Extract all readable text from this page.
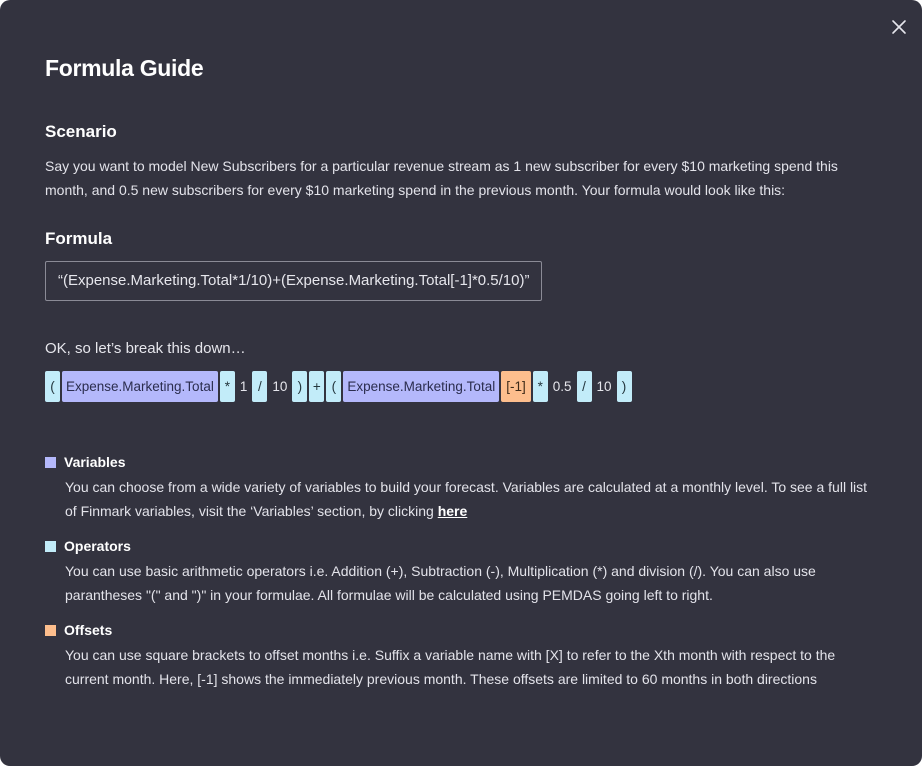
Formula Guide
Scenario

Say you want to model New Subscribers for a particular revenue stream as 1 new subscriber for every $10 marketing spend this month, and 0.5 new subscribers for every $10 marketing spend in the previous month. Your formula would look like this:

Formula
“(Expense.Marketing.Total*1/10)+(Expense.Marketing.Total[-1]*0.5/10)”

OK, so let’s break this down…

( Expense.Marketing.Total * 1 / 10 ) + ( Expense.Marketing.Total [-1] * 0.5 / 10 )
Variables

You can choose from a wide variety of variables to build your forecast. Variables are calculated at a monthly level. To see a full list of Finmark variables, visit the ‘Variables’ section, by clicking here

Operators

You can use basic arithmetic operators i.e. Addition (+), Subtraction (-), Multiplication (*) and division (/). You can also use parantheses "(" and ")" in your formulae. All formulae will be calculated using PEMDAS going left to right.

Offsets

You can use square brackets to offset months i.e. Suffix a variable name with [X] to refer to the Xth month with respect to the current month. Here, [-1] shows the immediately previous month. These offsets are limited to 60 months in both directions
